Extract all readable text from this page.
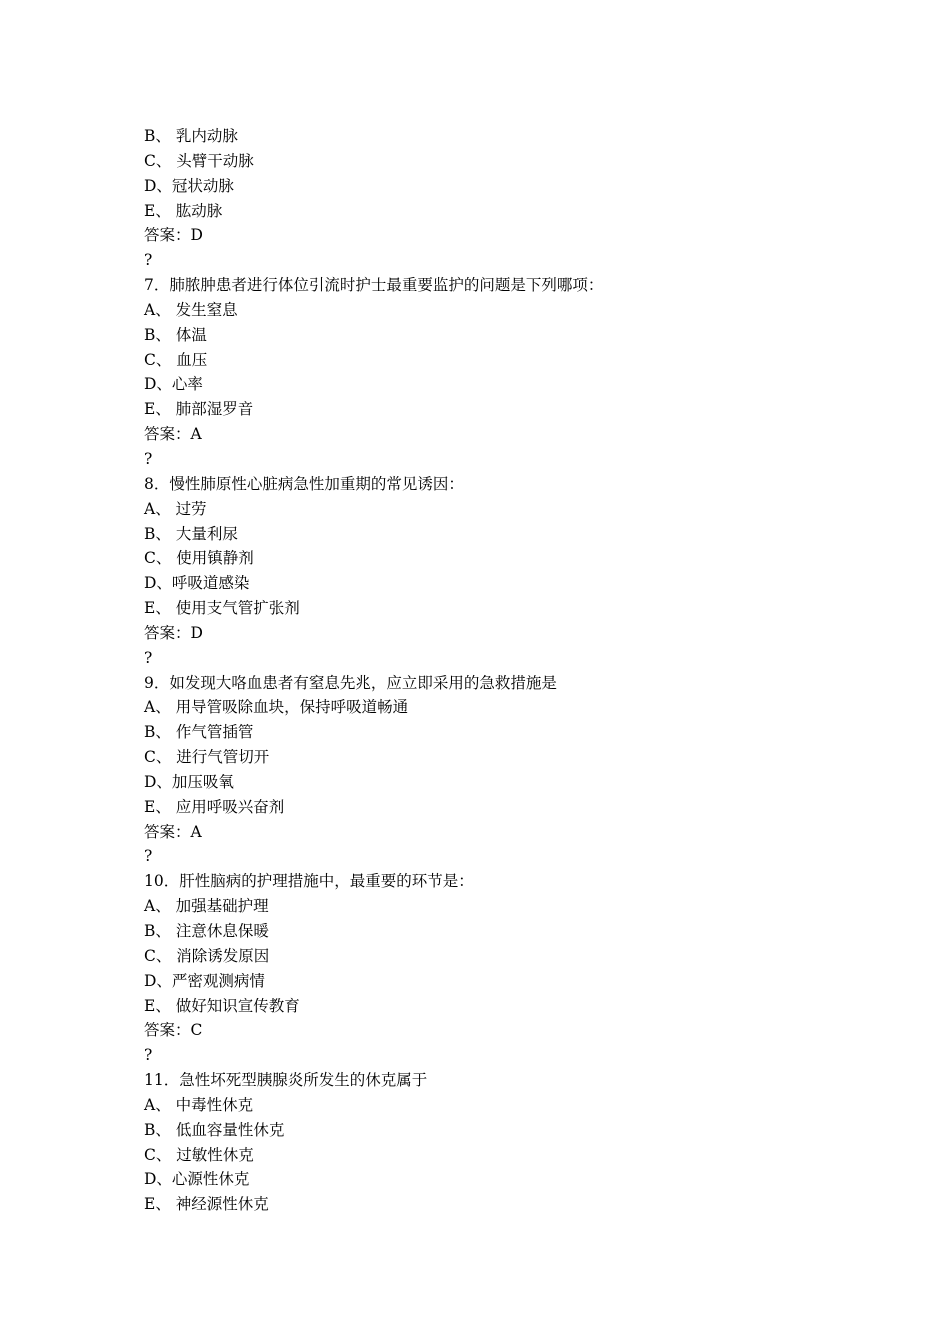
B、 乳内动脉
C、 头臂干动脉
D、冠状动脉
E、 肱动脉
答案：D
?
7．肺脓肿患者进行体位引流时护士最重要监护的问题是下列哪项：
A、 发生窒息
B、 体温
C、 血压
D、心率
E、 肺部湿罗音
答案：A
?
8．慢性肺原性心脏病急性加重期的常见诱因：
A、 过劳
B、 大量利尿
C、 使用镇静剂
D、呼吸道感染
E、 使用支气管扩张剂
答案：D
?
9．如发现大咯血患者有窒息先兆，应立即采用的急救措施是
A、 用导管吸除血块，保持呼吸道畅通
B、 作气管插管
C、 进行气管切开
D、加压吸氧
E、 应用呼吸兴奋剂
答案：A
?
10．肝性脑病的护理措施中，最重要的环节是：
A、 加强基础护理
B、 注意休息保暖
C、 消除诱发原因
D、严密观测病情
E、 做好知识宣传教育
答案：C
?
11．急性坏死型胰腺炎所发生的休克属于
A、 中毒性休克
B、 低血容量性休克
C、 过敏性休克
D、心源性休克
E、 神经源性休克
